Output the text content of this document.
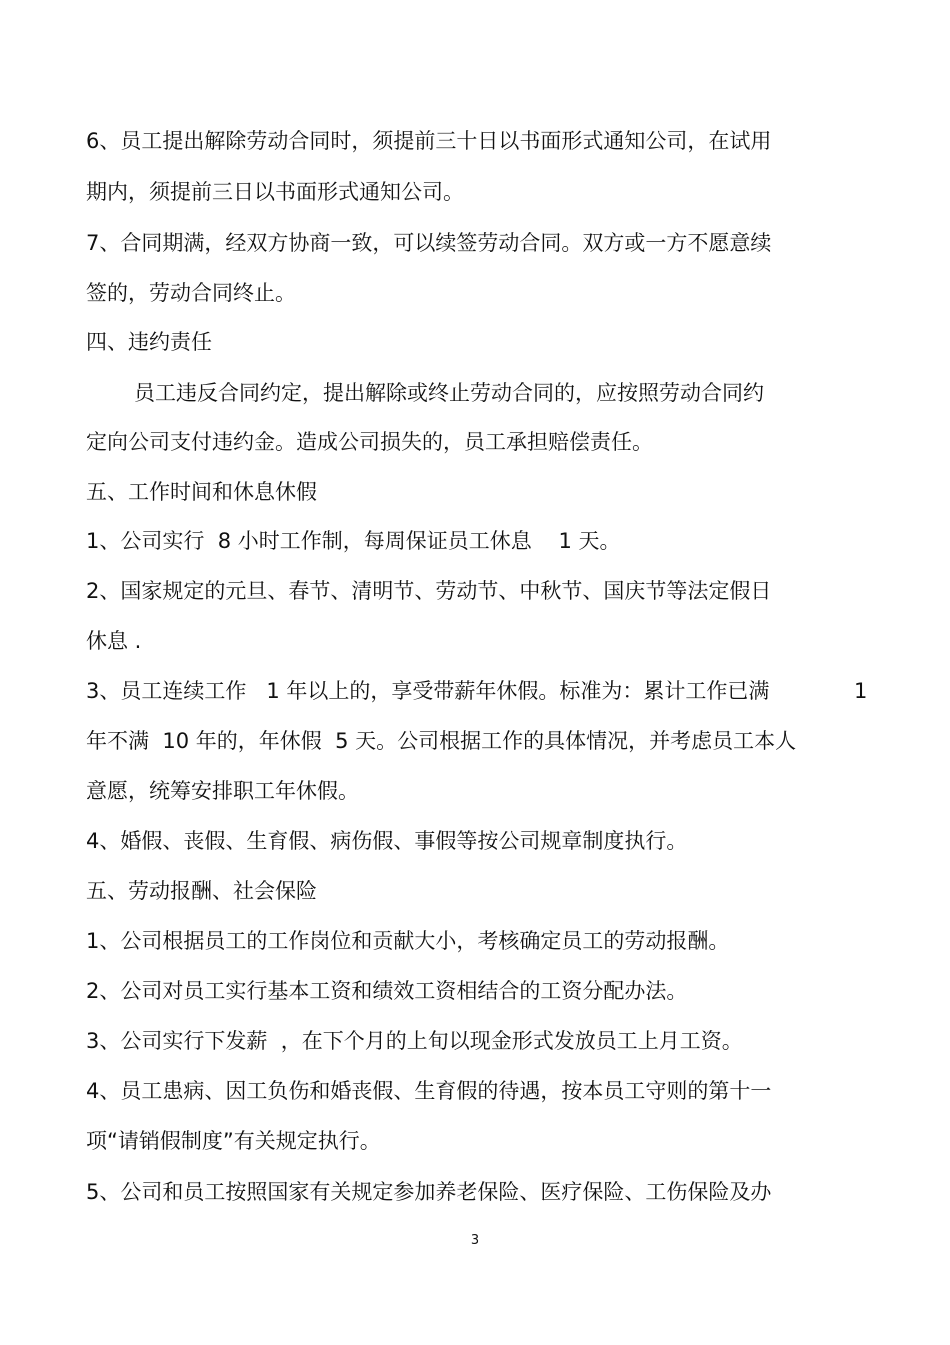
6、员工提出解除劳动合同时，须提前三十日以书面形式通知公司，在试用
期内，须提前三日以书面形式通知公司。
7、合同期满，经双方协商一致，可以续签劳动合同。双方或一方不愿意续
签的，劳动合同终止。
四、违约责任
员工违反合同约定，提出解除或终止劳动合同的，应按照劳动合同约
定向公司支付违约金。造成公司损失的，员工承担赔偿责任。
五、工作时间和休息休假
1、公司实行  8 小时工作制，每周保证员工休息    1 天。
2、国家规定的元旦、春节、清明节、劳动节、中秋节、国庆节等法定假日
休息 .
3、员工连续工作   1 年以上的，享受带薪年休假。标准为：累计工作已满	1
年不满  10 年的，年休假  5 天。公司根据工作的具体情况，并考虑员工本人
意愿，统筹安排职工年休假。
4、婚假、丧假、生育假、病伤假、事假等按公司规章制度执行。
五、劳动报酬、社会保险
1、公司根据员工的工作岗位和贡献大小，考核确定员工的劳动报酬。
2、公司对员工实行基本工资和绩效工资相结合的工资分配办法。
3、公司实行下发薪  ，在下个月的上旬以现金形式发放员工上月工资。
4、员工患病、因工负伤和婚丧假、生育假的待遇，按本员工守则的第十一
项“请销假制度”有关规定执行。
5、公司和员工按照国家有关规定参加养老保险、医疗保险、工伤保险及办
3
